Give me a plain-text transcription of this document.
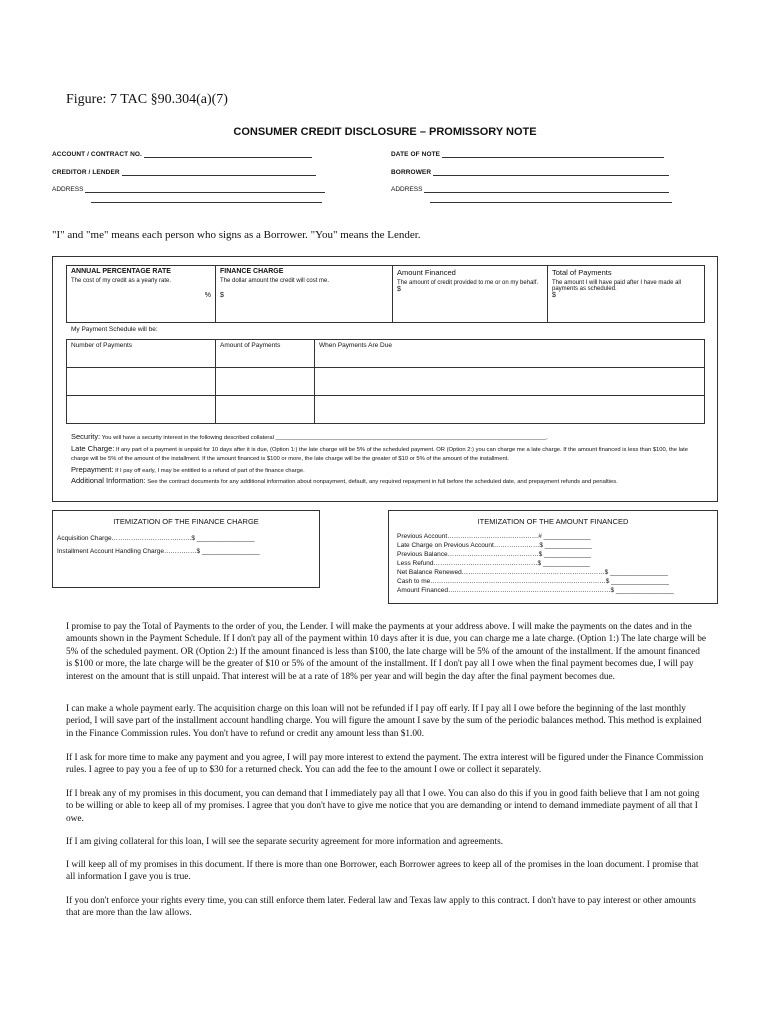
Figure: 7 TAC §90.304(a)(7)
CONSUMER CREDIT DISCLOSURE – PROMISSORY NOTE
ACCOUNT / CONTRACT NO.	DATE OF NOTE
CREDITOR / LENDER	BORROWER
ADDRESS	ADDRESS
"I" and "me" means each person who signs as a Borrower. "You" means the Lender.
ANNUAL PERCENTAGE RATE
The cost of my credit as a yearly rate.
%

FINANCE CHARGE
The dollar amount the credit will cost me.
$

Amount Financed
The amount of credit provided to me or on my behalf.
$

Total of Payments
The amount I will have paid after I have made all payments as scheduled.
$
My Payment Schedule will be:
Number of Payments	Amount of Payments	When Payments Are Due

Security: You will have a security interest in the following described collateral ____________________________________________________________________________________.
Late Charge: If any part of a payment is unpaid for 10 days after it is due, (Option 1:) the late charge will be 5% of the scheduled payment. OR (Option 2:) you can charge me a late charge. If the amount financed is less than $100, the late charge will be 5% of the amount of the installment. If the amount financed is $100 or more, the late charge will be the greater of $10 or 5% of the amount of the installment.
Prepayment: If I pay off early, I may be entitled to a refund of part of the finance charge.
Additional Information: See the contract documents for any additional information about nonpayment, default, any required repayment in full before the scheduled date, and prepayment refunds and penalties.
ITEMIZATION OF THE FINANCE CHARGE
Acquisition Charge……………………………….$ ________________
Installment Account Handling Charge……………$ ________________
ITEMIZATION OF THE AMOUNT FINANCED
Previous Account……………………………………# _____________
Late Charge on Previous Account…………………$ _____________
Previous Balance……………………………………$ _____________
Less Refund…………………………………………$ _____________
Net Balance Renewed…………………………………………………………$ ________________
Cash to me………………………………………………………………………$ ________________
Amount Financed…………………………………………………………………$ ________________
I promise to pay the Total of Payments to the order of you, the Lender. I will make the payments at your address above. I will make the payments on the dates and in the amounts shown in the Payment Schedule. If I don't pay all of the payment within 10 days after it is due, you can charge me a late charge. (Option 1:) The late charge will be 5% of the scheduled payment. OR (Option 2:) If the amount financed is less than $100, the late charge will be 5% of the amount of the installment. If the amount financed is $100 or more, the late charge will be the greater of $10 or 5% of the amount of the installment. If I don't pay all I owe when the final payment becomes due, I will pay interest on the amount that is still unpaid. That interest will be at a rate of 18% per year and will begin the day after the final payment becomes due.
I can make a whole payment early. The acquisition charge on this loan will not be refunded if I pay off early. If I pay all I owe before the beginning of the last monthly period, I will save part of the installment account handling charge. You will figure the amount I save by the sum of the periodic balances method. This method is explained in the Finance Commission rules. You don't have to refund or credit any amount less than $1.00.
If I ask for more time to make any payment and you agree, I will pay more interest to extend the payment. The extra interest will be figured under the Finance Commission rules. I agree to pay you a fee of up to $30 for a returned check. You can add the fee to the amount I owe or collect it separately.
If I break any of my promises in this document, you can demand that I immediately pay all that I owe. You can also do this if you in good faith believe that I am not going to be willing or able to keep all of my promises. I agree that you don't have to give me notice that you are demanding or intend to demand immediate payment of all that I owe.
If I am giving collateral for this loan, I will see the separate security agreement for more information and agreements.
I will keep all of my promises in this document. If there is more than one Borrower, each Borrower agrees to keep all of the promises in the loan document. I promise that all information I gave you is true.
If you don't enforce your rights every time, you can still enforce them later. Federal law and Texas law apply to this contract. I don't have to pay interest or other amounts that are more than the law allows.
